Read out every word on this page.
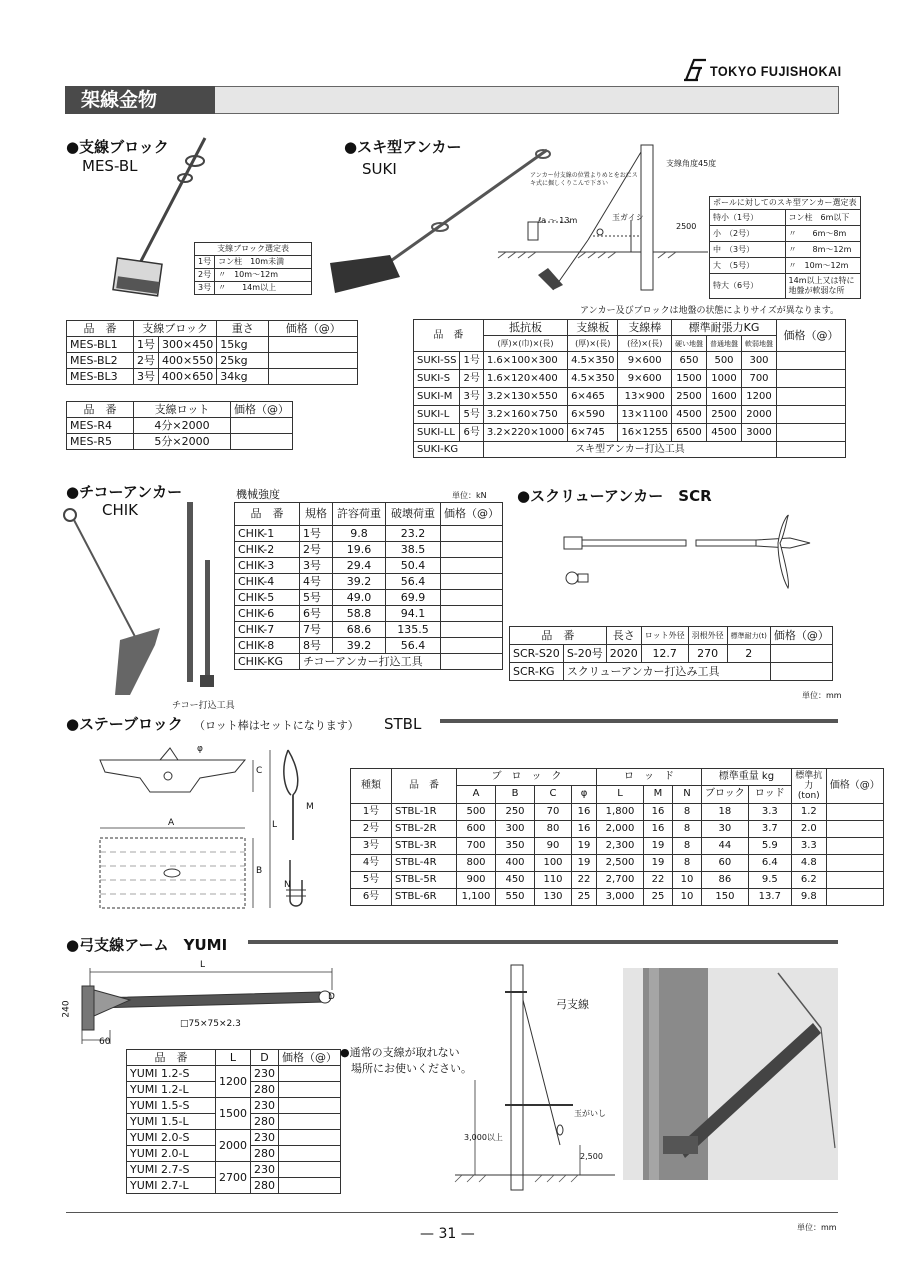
TOKYO FUJISHOKAI
架線金物
●支線ブロック
MES-BL
支線ブロック選定表	
1号	コン柱　10m未満
2号	〃　10m〜12m
3号	〃　　14m以上
品　番	支線ブロック		重さ	価格（@）
MES-BL1	1号	300×450	15kg	
MES-BL2	2号	400×550	25kg	
MES-BL3	3号	400×650	34kg	
品　番	支線ロット	価格（@）
MES-R4	4分×2000	
MES-R5	5分×2000	
●スキ型アンカー
SUKI	支線角度45度
アンカー付支線の位置よりめとをおにスキ式に掘しくりこんで下さい
ℓa ～ 13m	玉ガイシ
2500
ポールに対してのスキ型アンカー選定表	
特小（1号）	コン柱　6m以下
小　（2号）	〃　　6m〜8m
中　（3号）	〃　　8m〜12m
大　（5号）	〃　10m〜12m
特大（6号）	14m以上又は特に地盤が軟弱な所
アンカー及びブロックは地盤の状態によりサイズが異なります。
品　番		抵抗板	支線板	支線棒	標準耐張力KG			価格（@）
		(厚)×(巾)×(長)	(厚)×(長)	(径)×(長)	硬い地盤	普通地盤	軟弱地盤	
SUKI-SS	1号	1.6×100×300	4.5×350	9×600	650	500	300	
SUKI-S	2号	1.6×120×400	4.5×350	9×600	1500	1000	700	
SUKI-M	3号	3.2×130×550	6×465	13×900	2500	1600	1200	
SUKI-L	5号	3.2×160×750	6×590	13×1100	4500	2500	2000	
SUKI-LL	6号	3.2×220×1000	6×745	16×1255	6500	4500	3000	
SUKI-KG		スキ型アンカー打込工具						
●チコーアンカー
CHIK
チコー打込工具
機械強度	単位：kN
品　番	規格	許容荷重	破壊荷重	価格（@）
CHIK-1	1号	9.8	23.2	
CHIK-2	2号	19.6	38.5	
CHIK-3	3号	29.4	50.4	
CHIK-4	4号	39.2	56.4	
CHIK-5	5号	49.0	69.9	
CHIK-6	6号	58.8	94.1	
CHIK-7	7号	68.6	135.5	
CHIK-8	8号	39.2	56.4	
CHIK-KG	チコーアンカー打込工具			
●スクリューアンカー　SCR
品　番		長さ	ロット外径	羽根外径	標準耐力(t)	価格（@）
SCR-S20	S-20号	2020	12.7	270	2	
SCR-KG	スクリューアンカー打込み工具					
単位：mm
●ステーブロック （ロット棒はセットになります） STBL
φ
C
A
B
L
M
N
種類	品　番	ブ　ロ　ッ　ク				ロ　ッ　ド			標準重量 kg		標準抗力
(ton)	価格（@）
		A	B	C	φ	L	M	N	ブロック	ロッド		
1号	STBL-1R	500	250	70	16	1,800	16	8	18	3.3	1.2	
2号	STBL-2R	600	300	80	16	2,000	16	8	30	3.7	2.0	
3号	STBL-3R	700	350	90	19	2,300	19	8	44	5.9	3.3	
4号	STBL-4R	800	400	100	19	2,500	19	8	60	6.4	4.8	
5号	STBL-5R	900	450	110	22	2,700	22	10	86	9.5	6.2	
6号	STBL-6R	1,100	550	130	25	3,000	25	10	150	13.7	9.8	
●弓支線アーム　YUMI
L
D
240
60
□75×75×2.3
品　番	L	D	価格（@）
YUMI 1.2-S	1200	230	
YUMI 1.2-L		280	
YUMI 1.5-S	1500	230	
YUMI 1.5-L		280	
YUMI 2.0-S	2000	230	
YUMI 2.0-L		280	
YUMI 2.7-S	2700	230	
YUMI 2.7-L		280	
●通常の支線が取れない
　場所にお使いください。
弓支線
玉がいし
3,000以上
2,500
— 31 —	単位：mm
